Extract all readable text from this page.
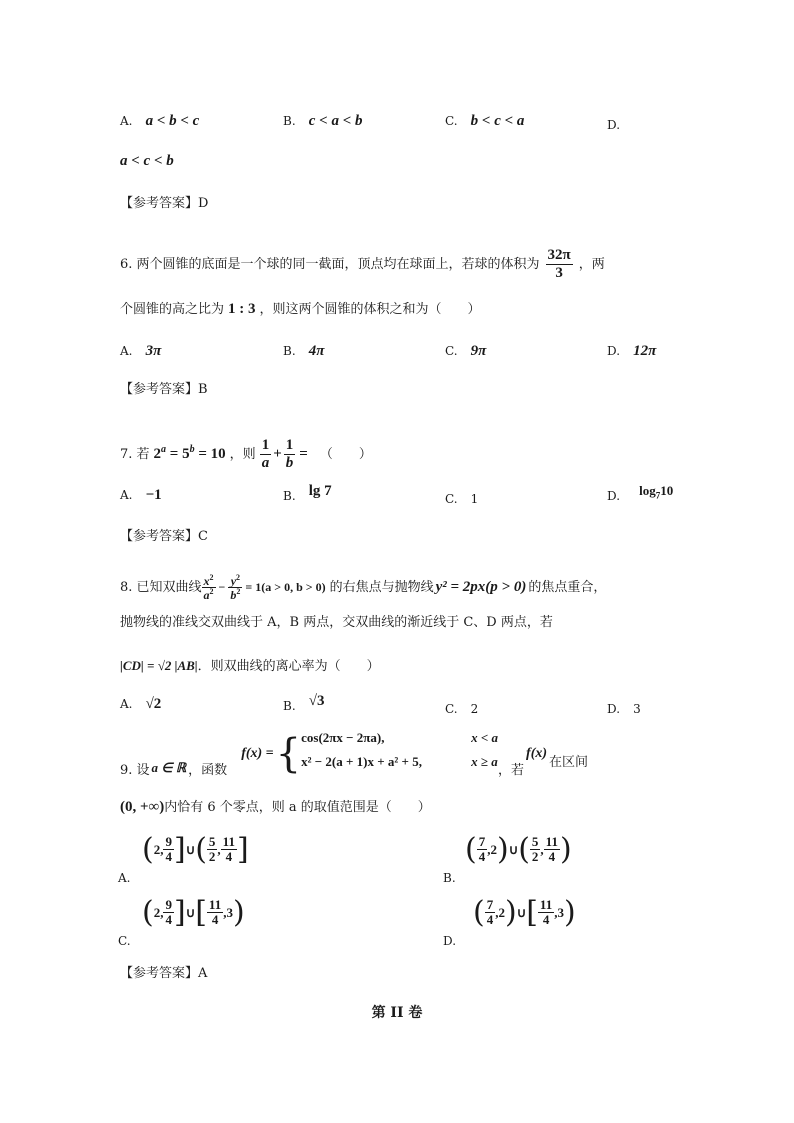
A. a < b < c	B. c < a < b	C. b < c < a	D.
a < c < b
【参考答案】D
6. 两个圆锥的底面是一个球的同一截面，顶点均在球面上，若球的体积为 $\frac{32\pi}{3}$ ，两
个圆锥的高之比为 1 : 3 ，则这两个圆锥的体积之和为（　　）
A. 3π	B. 4π	C. 9π	D. 12π
【参考答案】B
7. 若 $2^a = 5^b = 10$ ，则 $\frac{1}{a} + \frac{1}{b}$ = （　　）
A. −1	$_{B.}$ lg 7	C. 1	$_{D.}$ $\log_710$
【参考答案】C
8. 已知双曲线 $\frac{x^2}{a^2} - \frac{y^2}{b^2} = 1(a > 0$, b > 0) 的右焦点与抛物线 y² = 2px(p > 0) 的焦点重合，
抛物线的准线交双曲线于 A，B 两点，交双曲线的渐近线于 C、D 两点，若
|CD| = √2 |AB|．则双曲线的离心率为（　　）
A. √2	$_{B.}$ √3	C. 2	D. 3
9. 设 a ∈ ℝ ，函数
f(x) = { cos(2πx − 2πa),	x < a
x² − 2(a + 1)x + a² + 5,	x ≥ a
，若
f(x)
在区间
(0, +∞)内恰有 6 个零点，则 a 的取值范围是（　　）
( 2, $\frac{9}{4}$ ] ∪ ( $\frac{5}{2}$ , $\frac{11}{4}$ ]
A.
( $\frac{7}{4} ,2$ ) ∪ ( $\frac{5}{2}$ , $\frac{11}{4}$ )
B.
( 2, $\frac{9}{4}$ ] ∪ [ $\frac{11}{4} ,3$ )
C.
( $\frac{7}{4} ,2$ ) ∪ [ $\frac{11}{4} ,3$ )
D.
【参考答案】A
第 II 卷
